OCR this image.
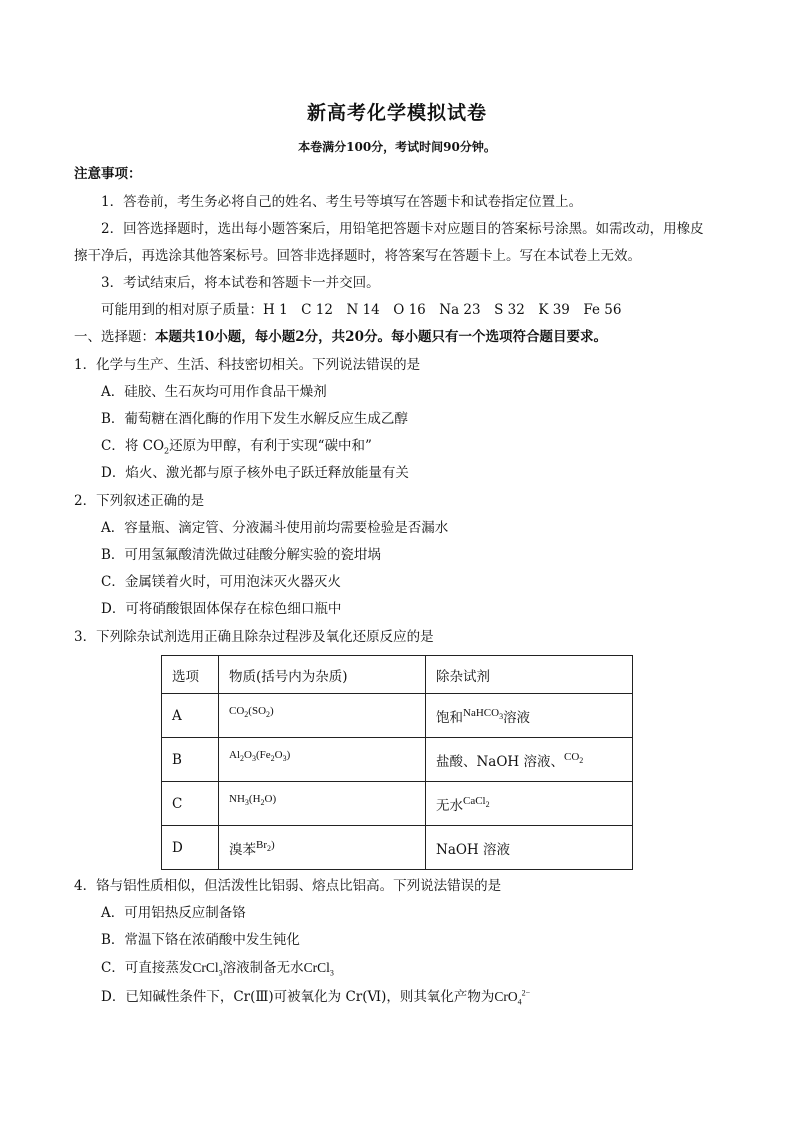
新高考化学模拟试卷
本卷满分100分，考试时间90分钟。
注意事项：
1．答卷前，考生务必将自己的姓名、考生号等填写在答题卡和试卷指定位置上。
2．回答选择题时，选出每小题答案后，用铅笔把答题卡对应题目的答案标号涂黑。如需改动，用橡皮
擦干净后，再选涂其他答案标号。回答非选择题时，将答案写在答题卡上。写在本试卷上无效。
3．考试结束后，将本试卷和答题卡一并交回。
可能用到的相对原子质量：H 1　C 12　N 14　O 16　Na 23　S 32　K 39　Fe 56
一、选择题：本题共10小题，每小题2分，共20分。每小题只有一个选项符合题目要求。
1．化学与生产、生活、科技密切相关。下列说法错误的是
A．硅胶、生石灰均可用作食品干燥剂
B．葡萄糖在酒化酶的作用下发生水解反应生成乙醇
C．将 $CO_2$还原为甲醇，有利于实现“碳中和”
D．焰火、激光都与原子核外电子跃迁释放能量有关
2．下列叙述正确的是
A．容量瓶、滴定管、分液漏斗使用前均需要检验是否漏水
B．可用氢氟酸清洗做过硅酸分解实验的瓷坩埚
C．金属镁着火时，可用泡沫灭火器灭火
D．可将硝酸银固体保存在棕色细口瓶中
3．下列除杂试剂选用正确且除杂过程涉及氧化还原反应的是
选项	物质(括号内为杂质)	除杂试剂
A	$^{CO_2(SO_2)}$	饱和$^{NaHCO_3}$溶液
B	$^{Al_2O_3(Fe_2O_3)}$	盐酸、NaOH 溶液、$^{CO_2}$
C	$^{NH_3(H_2O)}$	无水$^{CaCl_2}$
D	溴苯$^{Br_2)}$	NaOH 溶液
4．铬与铝性质相似，但活泼性比铝弱、熔点比铝高。下列说法错误的是
A．可用铝热反应制备铬
B．常温下铬在浓硝酸中发生钝化
C．可直接蒸发CrCl$_3$溶液制备无水CrCl$_3$
D．已知碱性条件下，Cr(Ⅲ)可被氧化为 Cr(Ⅵ)，则其氧化产物为CrO$_4^{2-}$
